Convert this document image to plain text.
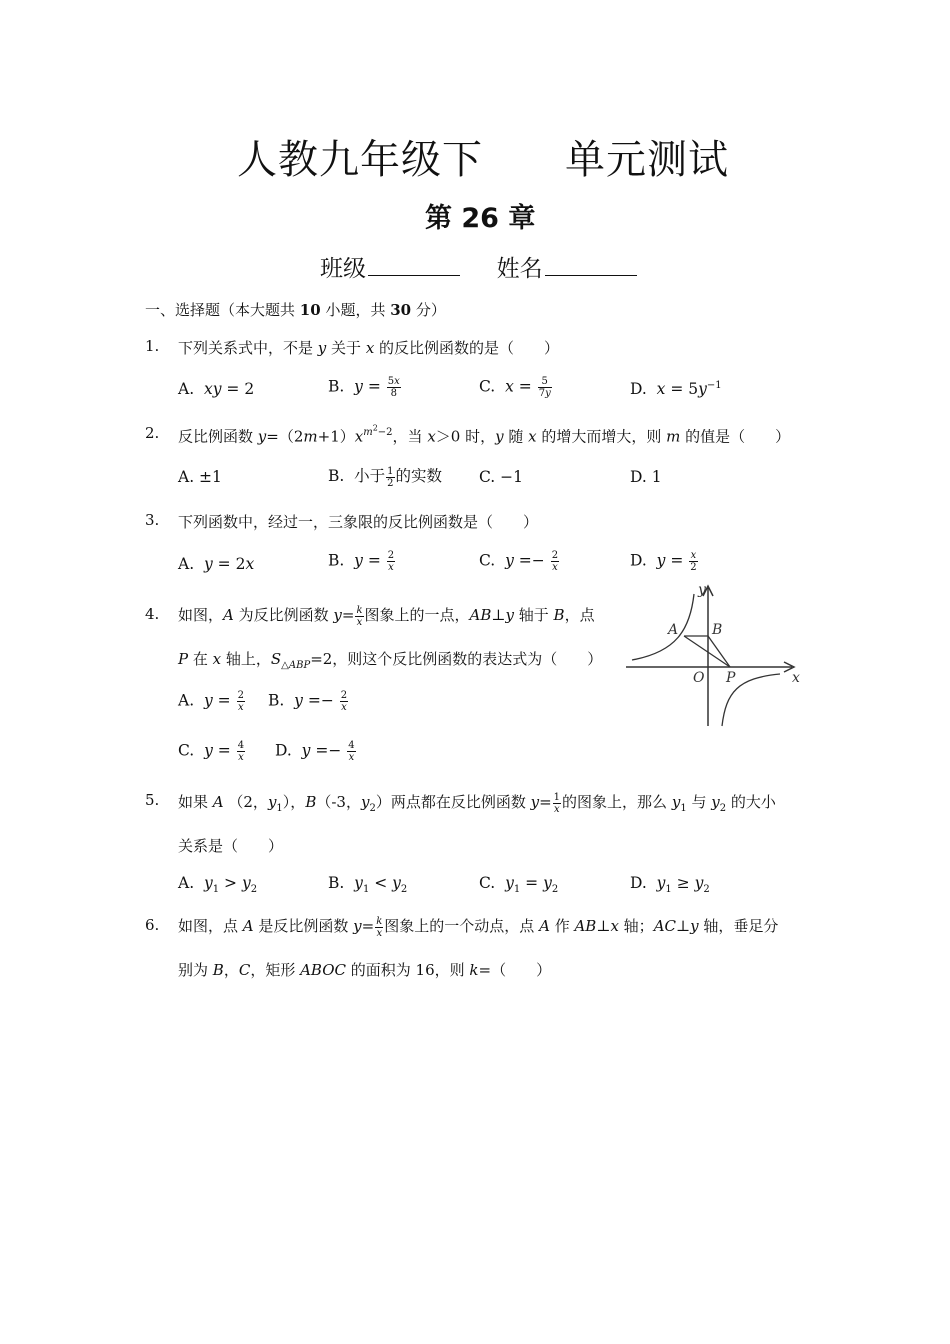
人教九年级下　　单元测试
第 26 章
班级	姓名
一、选择题（本大题共 10 小题，共 30 分）
1. 下列关系式中，不是 y 关于 x 的反比例函数的是（　　）
A.  xy = 2	B.  $y = \frac{5x}{8}$	C.  $x = \frac{5}{7y}$	D.  $x = 5y^{-1}$
2. 反比例函数 $y=(2m+1)x^{m^2-2}$，当 x＞0 时，y 随 x 的增大而增大，则 m 的值是（　　）
A. ±1	B.  小于 $\frac{1}{2}$ 的实数 C. −1	D. 1
3. 下列函数中，经过一，三象限的反比例函数是（　　）
A.  y = 2x	B.  $y = \frac{2}{x}$	C.  $y =- \frac{2}{x}$	D.  $y = \frac{x}{2}$
4. 如图，A 为反比例函数 $y= \frac{k}{x}$ 图象上的一点，AB⊥y 轴于 B，点
P 在 x 轴上，$S_{\triangle ABP}=2$，则这个反比例函数的表达式为（　　）
A.  $y = \frac{2}{x} B$.  $y =- \frac{2}{x}$
C.  $y = \frac{4}{x} D$.  $y =- \frac{4}{x}$
A B
O P	x
y
5. 如果 A （2，$y_1$），B（-3，$y_2$）两点都在反比例函数 $y= \frac{1}{x}$ 的图象上，那么 $y_1$ 与 $y_2$ 的大小
关系是（　　）
A.  $y_1 > y_2$	B.  $y_1 < y_2$	C.  $y_1 = y_2$	D.  $y_1 \ge y_2$
6. 如图，点 A 是反比例函数 $y= \frac{k}{x}$ 图象上的一个动点，点 A 作 AB⊥x 轴；AC⊥y 轴，垂足分
别为 B，C，矩形 ABOC 的面积为 16，则 k=（　　）
